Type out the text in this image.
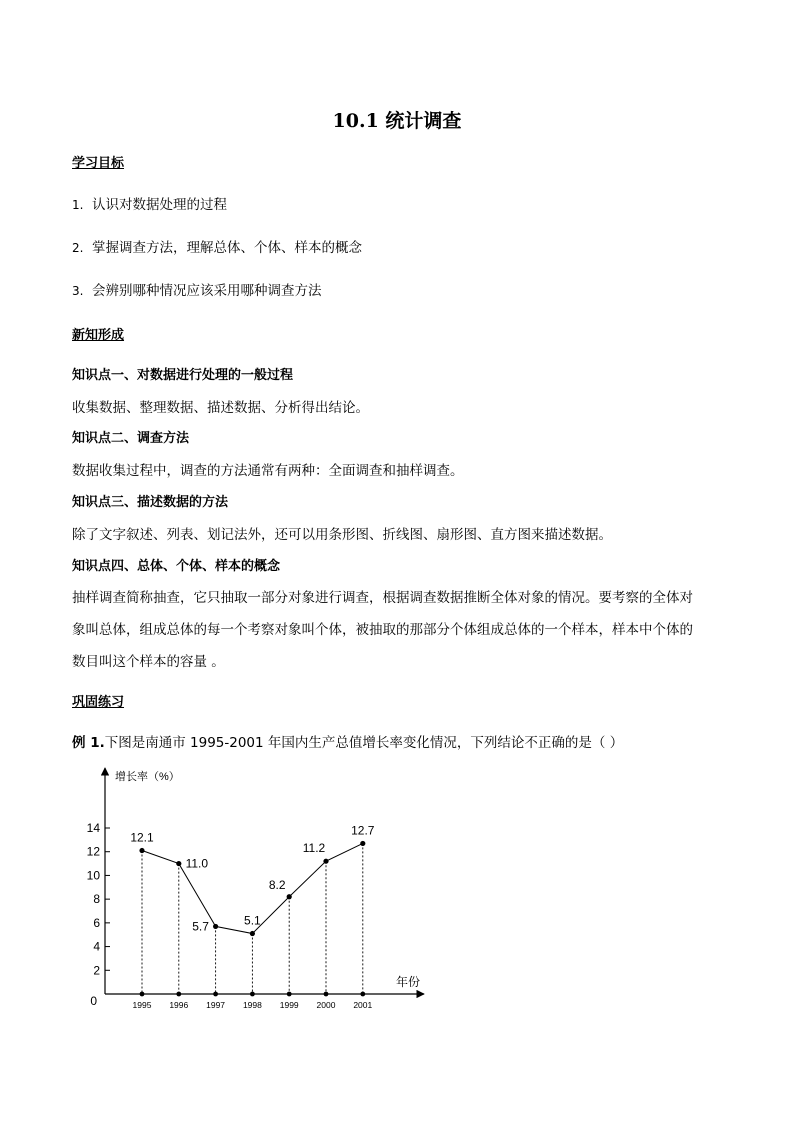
10.1 统计调查
学习目标
1. 认识对数据处理的过程
2. 掌握调查方法，理解总体、个体、样本的概念
3. 会辨别哪种情况应该采用哪种调查方法
新知形成
知识点一、对数据进行处理的一般过程
收集数据、整理数据、描述数据、分析得出结论。
知识点二、调查方法
数据收集过程中，调查的方法通常有两种：全面调查和抽样调查。
知识点三、描述数据的方法
除了文字叙述、列表、划记法外，还可以用条形图、折线图、扇形图、直方图来描述数据。
知识点四、总体、个体、样本的概念
抽样调查简称抽查，它只抽取一部分对象进行调查，根据调查数据推断全体对象的情况。要考察的全体对
象叫总体，组成总体的每一个考察对象叫个体，被抽取的那部分个体组成总体的一个样本，样本中个体的
数目叫这个样本的容量 。
巩固练习
例 1.下图是南通市 1995-2001 年国内生产总值增长率变化情况，下列结论不正确的是（ ）
0
2
4
6
8
10
12
14
增长率（%）
年份
1995 1996 1997 1998 1999 2000 2001
12.1
11.0
5.7	5.1
8.2
11.2
12.7
